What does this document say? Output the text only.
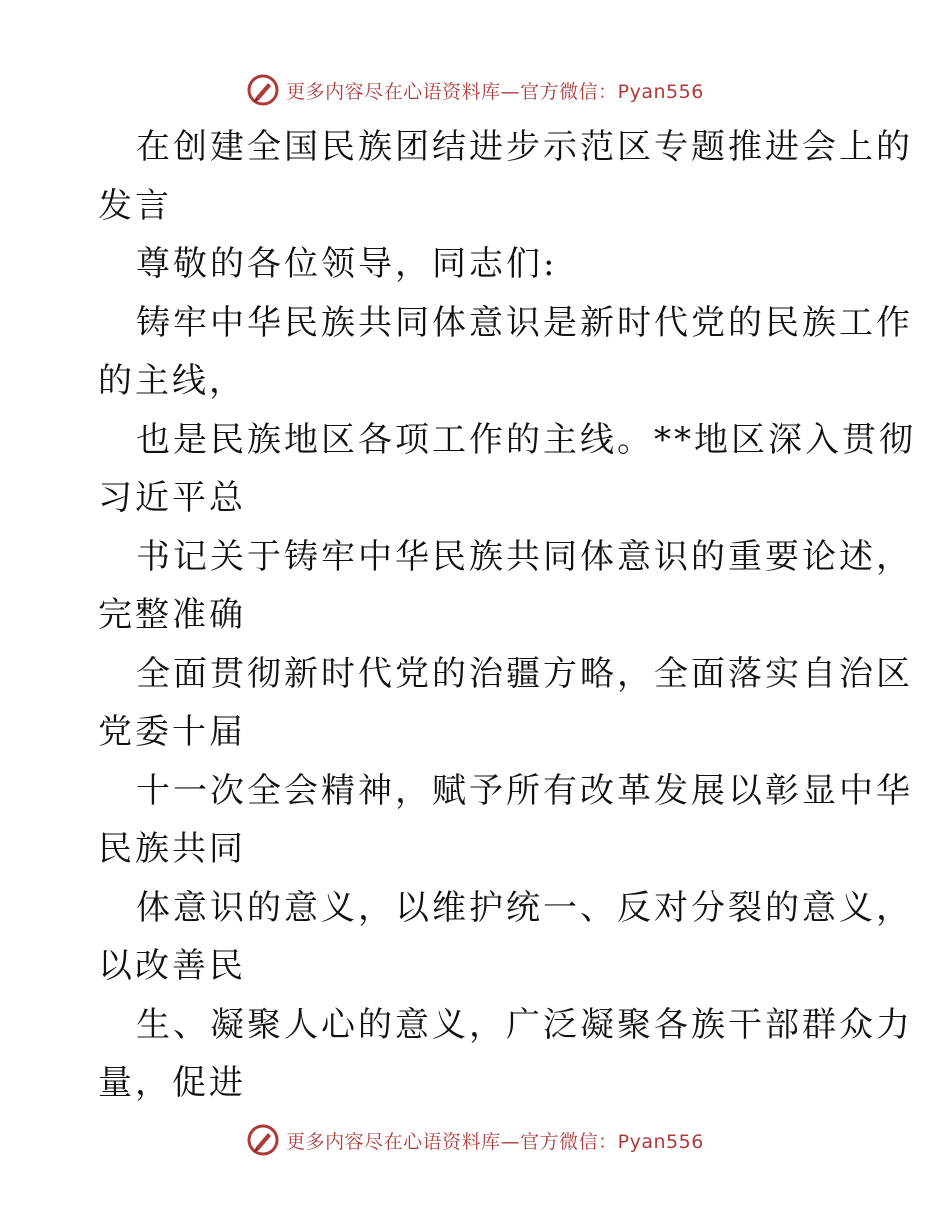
更多内容尽在心语资料库—官方微信：Pyan556
在创建全国民族团结进步示范区专题推进会上的
发言
尊敬的各位领导，同志们:
铸牢中华民族共同体意识是新时代党的民族工作
的主线，
也是民族地区各项工作的主线。**地区深入贯彻
习近平总
书记关于铸牢中华民族共同体意识的重要论述，
完整准确
全面贯彻新时代党的治疆方略，全面落实自治区
党委十届
十一次全会精神，赋予所有改革发展以彰显中华
民族共同
体意识的意义，以维护统一、反对分裂的意义，
以改善民
生、凝聚人心的意义，广泛凝聚各族干部群众力
量，促进
更多内容尽在心语资料库—官方微信：Pyan556
